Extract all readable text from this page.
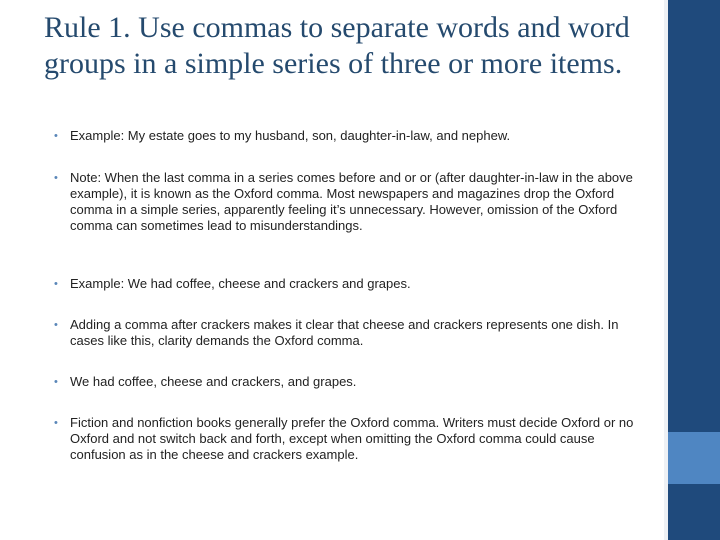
Rule 1. Use commas to separate words and word groups in a simple series of three or more items.
• Example: My estate goes to my husband, son, daughter-in-law, and nephew.
• Note: When the last comma in a series comes before and or or (after daughter-in-law in the above example), it is known as the Oxford comma. Most newspapers and magazines drop the Oxford comma in a simple series, apparently feeling it’s unnecessary. However, omission of the Oxford comma can sometimes lead to misunderstandings.
• Example: We had coffee, cheese and crackers and grapes.
• Adding a comma after crackers makes it clear that cheese and crackers represents one dish. In cases like this, clarity demands the Oxford comma.
• We had coffee, cheese and crackers, and grapes.
• Fiction and nonfiction books generally prefer the Oxford comma. Writers must decide Oxford or no Oxford and not switch back and forth, except when omitting the Oxford comma could cause confusion as in the cheese and crackers example.
